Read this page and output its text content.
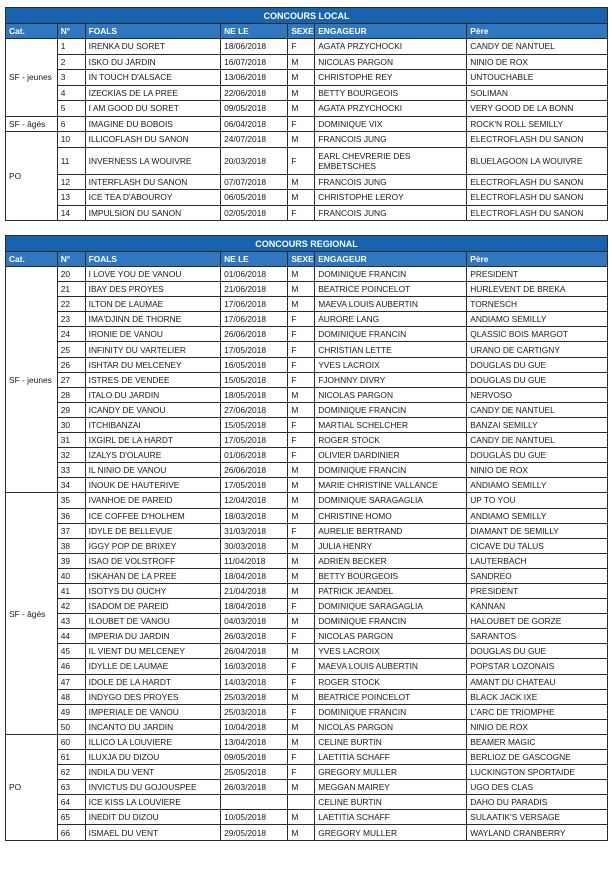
CONCOURS LOCAL						
Cat.	N°	FOALS	NE LE	SEXE	ENGAGEUR	Père
SF - jeunes	1	IRENKA DU SORET	18/06/2018	F	AGATA PRZYCHOCKI	CANDY DE NANTUEL
	2	ISKO DU JARDIN	16/07/2018	M	NICOLAS PARGON	NINIO DE ROX
	3	IN TOUCH D'ALSACE	13/06/2018	M	CHRISTOPHE REY	UNTOUCHABLE
	4	IZECKIAS DE LA PREE	22/06/2018	M	BETTY BOURGEOIS	SOLIMAN
	5	I AM GOOD DU SORET	09/05/2018	M	AGATA PRZYCHOCKI	VERY GOOD DE LA BONN
SF - âgés	6	IMAGINE DU BOBOIS	06/04/2018	F	DOMINIQUE VIX	ROCK'N ROLL SEMILLY
PO	10	ILLICOFLASH DU SANON	24/07/2018	M	FRANCOIS JUNG	ELECTROFLASH DU SANON
	11	INVERNESS LA WOUIVRE	20/03/2018	F	EARL CHEVRERIE DES EMBETSCHES	BLUELAGOON LA WOUIVRE
	12	INTERFLASH DU SANON	07/07/2018	M	FRANCOIS JUNG	ELECTROFLASH DU SANON
	13	ICE TEA D'ABOUROY	06/05/2018	M	CHRISTOPHE LEROY	ELECTROFLASH DU SANON
	14	IMPULSION DU SANON	02/05/2018	F	FRANCOIS JUNG	ELECTROFLASH DU SANON
CONCOURS REGIONAL						
Cat.	N°	FOALS	NE LE	SEXE	ENGAGEUR	Père
SF - jeunes	20	I LOVE YOU DE VANOU	01/06/2018	M	DOMINIQUE FRANCIN	PRESIDENT
	21	IBAY DES PROYES	21/06/2018	M	BEATRICE POINCELOT	HURLEVENT DE BREKA
	22	ILTON DE LAUMAE	17/06/2018	M	MAEVA LOUIS AUBERTIN	TORNESCH
	23	IMA'DJINN DE THORNE	17/06/2018	F	AURORE LANG	ANDIAMO SEMILLY
	24	IRONIE DE VANOU	26/06/2018	F	DOMINIQUE FRANCIN	QLASSIC BOIS MARGOT
	25	INFINITY DU VARTELIER	17/05/2018	F	CHRISTIAN LETTE	URANO DE CARTIGNY
	26	ISHTAR DU MELCENEY	16/05/2018	F	YVES LACROIX	DOUGLAS DU GUE
	27	ISTRES DE VENDEE	15/05/2018	F	FJOHNNY DIVRY	DOUGLAS DU GUE
	28	ITALO DU JARDIN	18/05/2018	M	NICOLAS PARGON	NERVOSO
	29	ICANDY DE VANOU	27/06/2018	M	DOMINIQUE FRANCIN	CANDY DE NANTUEL
	30	ITCHIBANZAI	15/05/2018	F	MARTIAL SCHELCHER	BANZAI SEMILLY
	31	IXGIRL DE LA HARDT	17/05/2018	F	ROGER STOCK	CANDY DE NANTUEL
	32	IZALYS D'OLAURE	01/06/2018	F	OLIVIER DARDINIER	DOUGLAS DU GUE
	33	IL NINIO DE VANOU	26/06/2018	M	DOMINIQUE FRANCIN	NINIO DE ROX
	34	INOUK DE HAUTERIVE	17/05/2018	M	MARIE CHRISTINE VALLANCE	ANDIAMO SEMILLY
SF - âgés	35	IVANHOE DE PAREID	12/04/2018	M	DOMINIQUE SARAGAGLIA	UP TO YOU
	36	ICE COFFEE D'HOLHEM	18/03/2018	M	CHRISTINE HOMO	ANDIAMO SEMILLY
	37	IDYLE DE BELLEVUE	31/03/2018	F	AURELIE BERTRAND	DIAMANT DE SEMILLY
	38	IGGY POP DE BRIXEY	30/03/2018	M	JULIA HENRY	CICAVE DU TALUS
	39	ISAO DE VOLSTROFF	11/04/2018	M	ADRIEN BECKER	LAUTERBACH
	40	ISKAHAN DE LA PREE	18/04/2018	M	BETTY BOURGEOIS	SANDREO
	41	ISOTYS DU OUCHY	21/04/2018	M	PATRICK JEANDEL	PRESIDENT
	42	ISADOM DE PAREID	18/04/2018	F	DOMINIQUE SARAGAGLIA	KANNAN
	43	ILOUBET DE VANOU	04/03/2018	M	DOMINIQUE FRANCIN	HALOUBET DE GORZE
	44	IMPERIA DU JARDIN	26/03/2018	F	NICOLAS PARGON	SARANTOS
	45	IL VIENT DU MELCENEY	26/04/2018	M	YVES LACROIX	DOUGLAS DU GUE
	46	IDYLLE DE LAUMAE	16/03/2018	F	MAEVA LOUIS AUBERTIN	POPSTAR LOZONAIS
	47	IDOLE DE LA HARDT	14/03/2018	F	ROGER STOCK	AMANT DU CHATEAU
	48	INDYGO DES PROYES	25/03/2018	M	BEATRICE POINCELOT	BLACK JACK IXE
	49	IMPERIALE DE VANOU	25/03/2018	F	DOMINIQUE FRANCIN	L'ARC DE TRIOMPHE
	50	INCANTO DU JARDIN	10/04/2018	M	NICOLAS PARGON	NINIO DE ROX
PO	60	ILLICO LA LOUVIERE	13/04/2018	M	CELINE BURTIN	BEAMER MAGIC
	61	ILUXJA DU DIZOU	09/05/2018	F	LAETITIA SCHAFF	BERLIOZ DE GASCOGNE
	62	INDILA DU VENT	25/05/2018	F	GREGORY MULLER	LUCKINGTON SPORTAIDE
	63	INVICTUS DU GOJOUSPEE	26/03/2018	M	MEGGAN MAIREY	UGO DES CLAS
	64	ICE KISS LA LOUVIERE			CELINE BURTIN	DAHO DU PARADIS
	65	INEDIT DU DIZOU	10/05/2018	M	LAETITIA SCHAFF	SULAATIK'S VERSAGE
	66	ISMAEL DU VENT	29/05/2018	M	GREGORY MULLER	WAYLAND CRANBERRY
